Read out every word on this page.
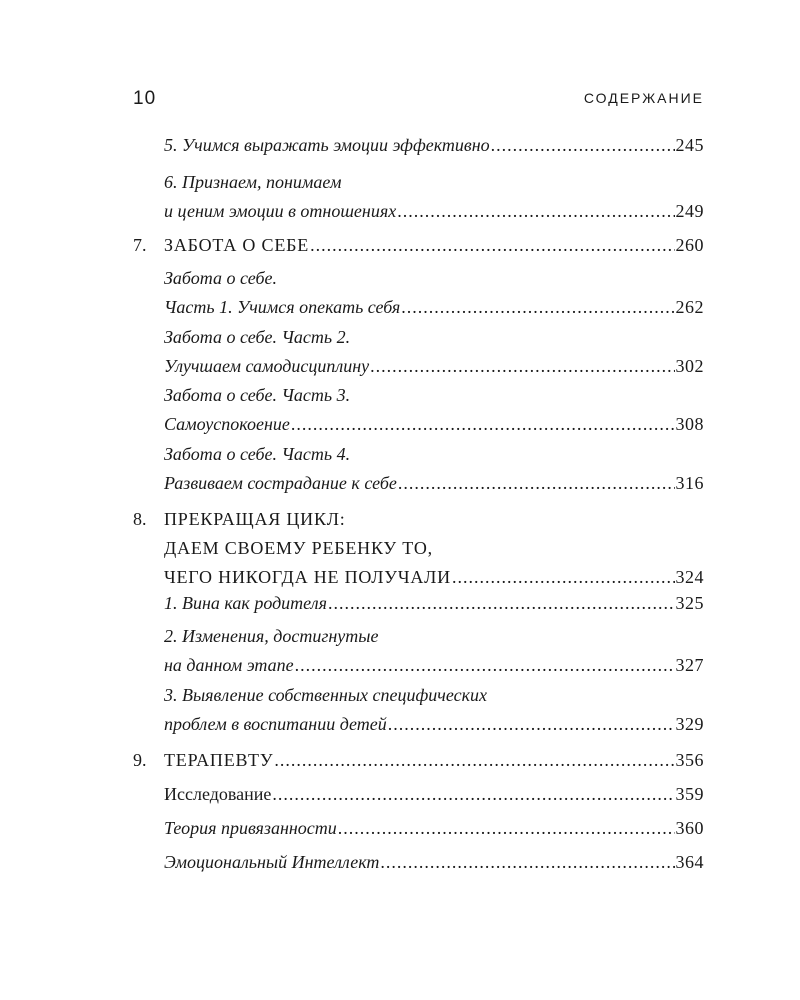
10	СОДЕРЖАНИЕ
5. Учимся выражать эмоции эффективно .....	245
6. Признаем, понимаем
и ценим эмоции в отношениях .....	249
7. ЗАБОТА О СЕБЕ .....	260
Забота о себе.
Часть 1. Учимся опекать себя .....	262
Забота о себе. Часть 2.
Улучшаем самодисциплину .....	302
Забота о себе. Часть 3.
Самоуспокоение .....	308
Забота о себе. Часть 4.
Развиваем сострадание к себе .....	316
8. ПРЕКРАЩАЯ ЦИКЛ:
ДАЕМ СВОЕМУ РЕБЕНКУ ТО,
ЧЕГО НИКОГДА НЕ ПОЛУЧАЛИ .....	324
1. Вина как родителя .....	325
2. Изменения, достигнутые
на данном этапе .....	327
3. Выявление собственных специфических
проблем в воспитании детей .....	329
9. ТЕРАПЕВТУ .....	356
Исследование .....	359
Теория привязанности .....	360
Эмоциональный Интеллект .....	364
